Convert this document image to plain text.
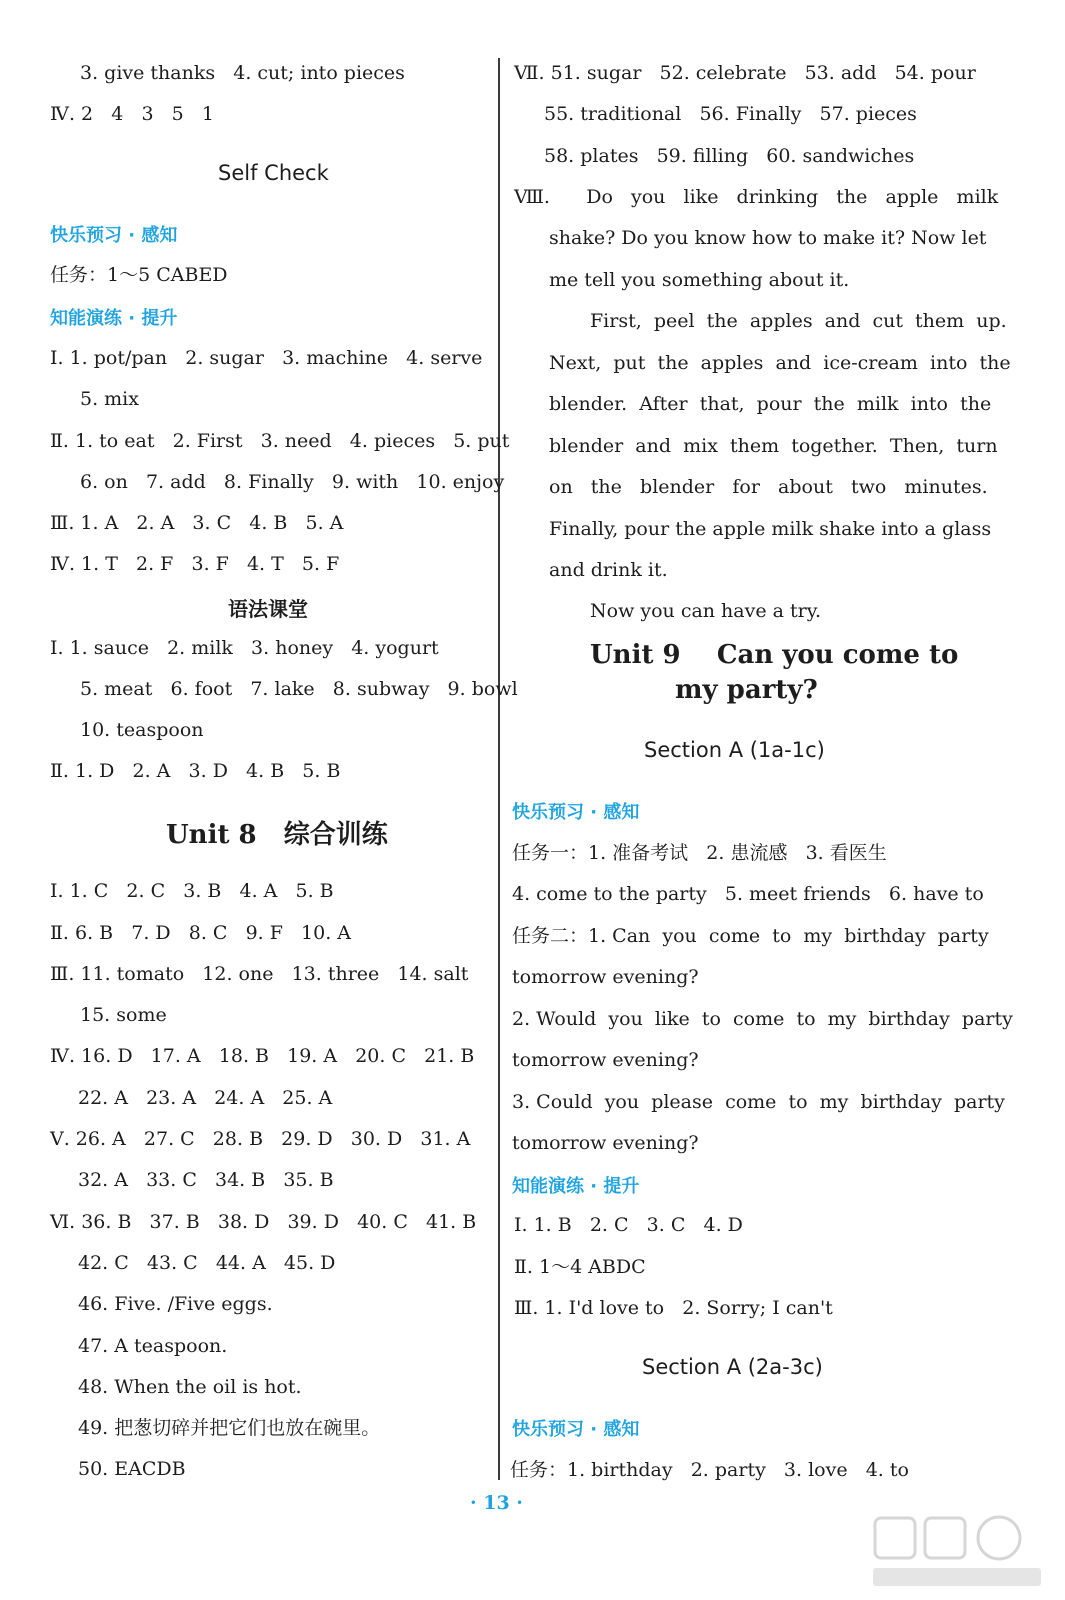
3. give thanks   4. cut; into pieces
Ⅳ. 2   4   3   5   1
Self Check
快乐预习 · 感知
任务：1～5 CABED
知能演练 · 提升
Ⅰ. 1. pot/pan   2. sugar   3. machine   4. serve
5. mix
Ⅱ. 1. to eat   2. First   3. need   4. pieces   5. put
6. on   7. add   8. Finally   9. with   10. enjoy
Ⅲ. 1. A   2. A   3. C   4. B   5. A
Ⅳ. 1. T   2. F   3. F   4. T   5. F
语法课堂
Ⅰ. 1. sauce   2. milk   3. honey   4. yogurt
5. meat   6. foot   7. lake   8. subway   9. bowl
10. teaspoon
Ⅱ. 1. D   2. A   3. D   4. B   5. B
Unit 8   综合训练
Ⅰ. 1. C   2. C   3. B   4. A   5. B
Ⅱ. 6. B   7. D   8. C   9. F   10. A
Ⅲ. 11. tomato   12. one   13. three   14. salt
15. some
Ⅳ. 16. D   17. A   18. B   19. A   20. C   21. B
22. A   23. A   24. A   25. A
Ⅴ. 26. A   27. C   28. B   29. D   30. D   31. A
32. A   33. C   34. B   35. B
Ⅵ. 36. B   37. B   38. D   39. D   40. C   41. B
42. C   43. C   44. A   45. D
46. Five. /Five eggs.
47. A teaspoon.
48. When the oil is hot.
49. 把葱切碎并把它们也放在碗里。
50. EACDB
Ⅶ. 51. sugar   52. celebrate   53. add   54. pour
55. traditional   56. Finally   57. pieces
58. plates   59. filling   60. sandwiches
Ⅷ.      Do   you   like   drinking   the   apple   milk
shake? Do you know how to make it? Now let
me tell you something about it.
First,  peel  the  apples  and  cut  them  up.
Next,  put  the  apples  and  ice-cream  into  the
blender.  After  that,  pour  the  milk  into  the
blender  and  mix  them  together.  Then,  turn
on   the   blender   for   about   two   minutes.
Finally, pour the apple milk shake into a glass
and drink it.
Now you can have a try.
Unit 9    Can you come to
my party?
Section A (1a-1c)
快乐预习 · 感知
任务一：1. 准备考试   2. 患流感   3. 看医生
4. come to the party   5. meet friends   6. have to
任务二：1. Can  you  come  to  my  birthday  party
tomorrow evening?
2. Would  you  like  to  come  to  my  birthday  party
tomorrow evening?
3. Could  you  please  come  to  my  birthday  party
tomorrow evening?
知能演练 · 提升
Ⅰ. 1. B   2. C   3. C   4. D
Ⅱ. 1～4 ABDC
Ⅲ. 1. I'd love to   2. Sorry; I can't
Section A (2a-3c)
快乐预习 · 感知
任务：1. birthday   2. party   3. love   4. to
· 13 ·
